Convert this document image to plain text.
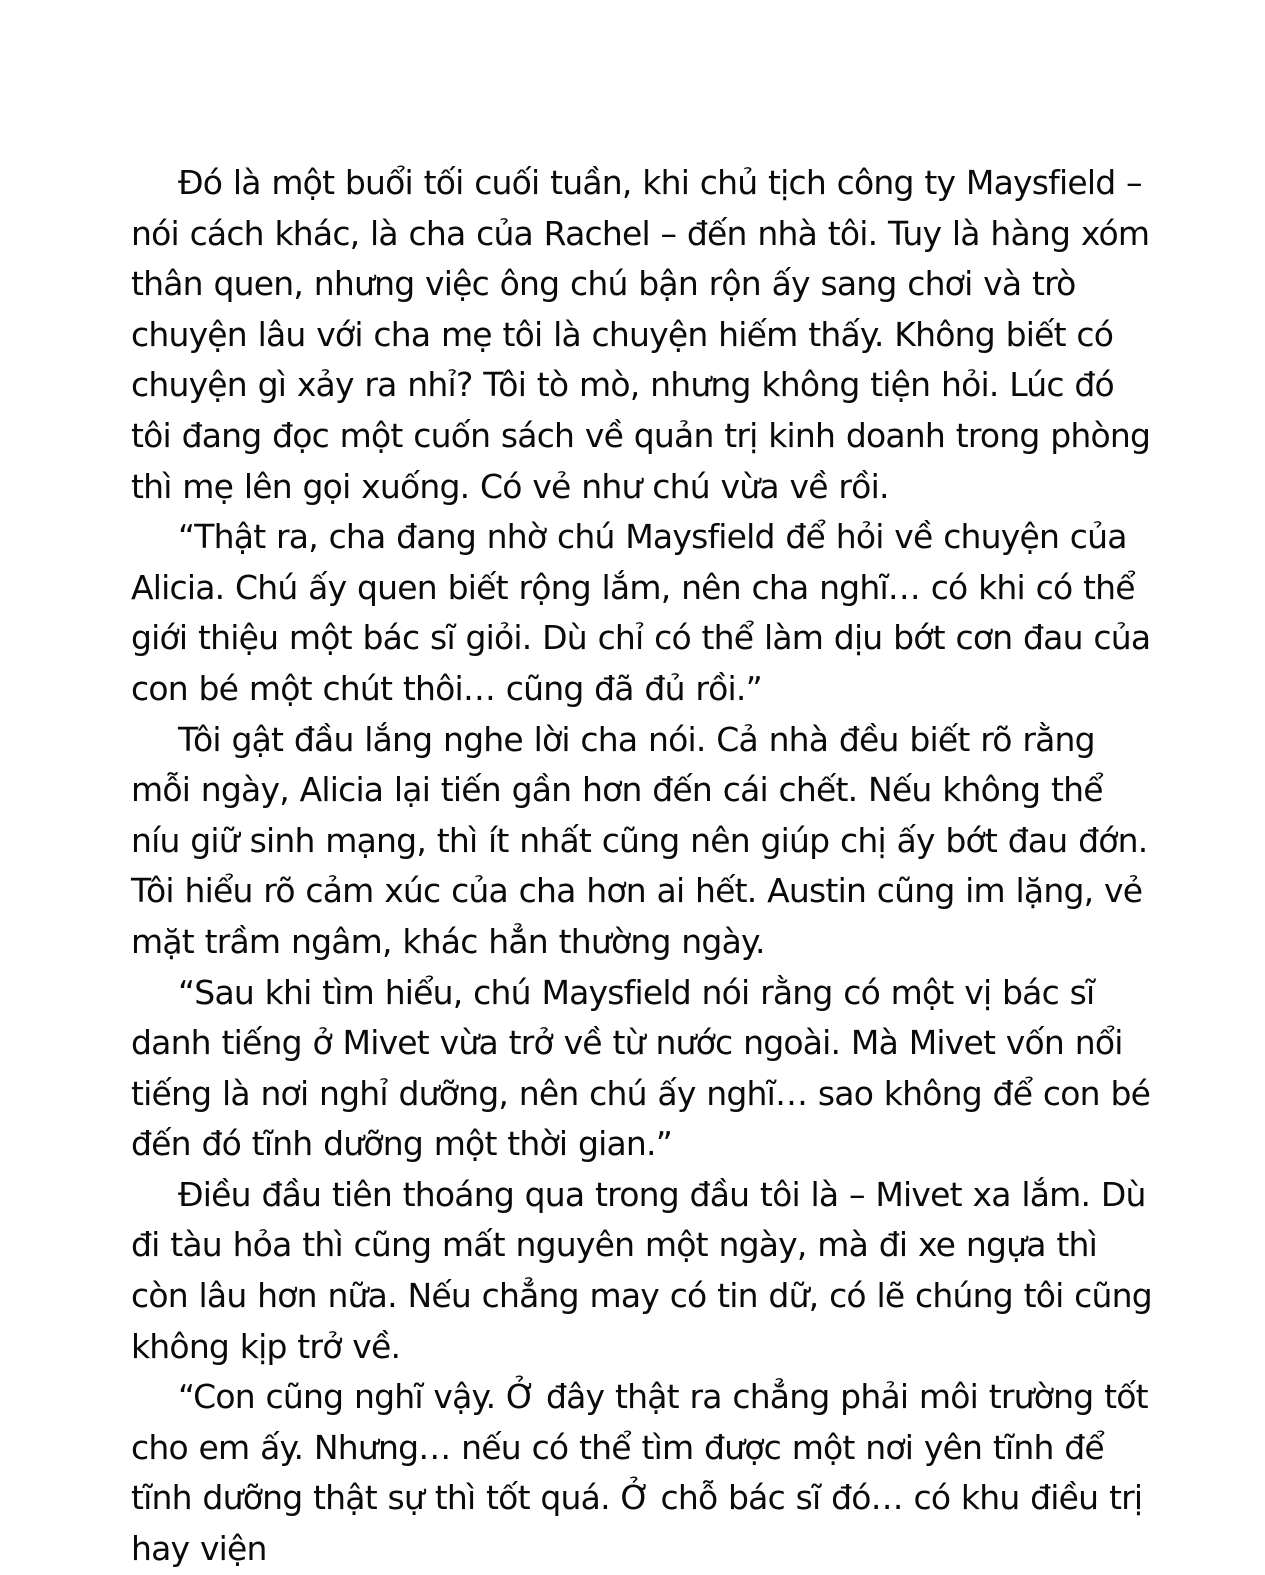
Đó là một buổi tối cuối tuần, khi chủ tịch công ty Maysfield – nói cách khác, là cha của Rachel – đến nhà tôi. Tuy là hàng xóm thân quen, nhưng việc ông chú bận rộn ấy sang chơi và trò chuyện lâu với cha mẹ tôi là chuyện hiếm thấy. Không biết có chuyện gì xảy ra nhỉ? Tôi tò mò, nhưng không tiện hỏi. Lúc đó tôi đang đọc một cuốn sách về quản trị kinh doanh trong phòng thì mẹ lên gọi xuống. Có vẻ như chú vừa về rồi.

“Thật ra, cha đang nhờ chú Maysfield để hỏi về chuyện của Alicia. Chú ấy quen biết rộng lắm, nên cha nghĩ… có khi có thể giới thiệu một bác sĩ giỏi. Dù chỉ có thể làm dịu bớt cơn đau của con bé một chút thôi… cũng đã đủ rồi.”

Tôi gật đầu lắng nghe lời cha nói. Cả nhà đều biết rõ rằng mỗi ngày, Alicia lại tiến gần hơn đến cái chết. Nếu không thể níu giữ sinh mạng, thì ít nhất cũng nên giúp chị ấy bớt đau đớn. Tôi hiểu rõ cảm xúc của cha hơn ai hết. Austin cũng im lặng, vẻ mặt trầm ngâm, khác hẳn thường ngày.

“Sau khi tìm hiểu, chú Maysfield nói rằng có một vị bác sĩ danh tiếng ở Mivet vừa trở về từ nước ngoài. Mà Mivet vốn nổi tiếng là nơi nghỉ dưỡng, nên chú ấy nghĩ… sao không để con bé đến đó tĩnh dưỡng một thời gian.”

Điều đầu tiên thoáng qua trong đầu tôi là – Mivet xa lắm. Dù đi tàu hỏa thì cũng mất nguyên một ngày, mà đi xe ngựa thì còn lâu hơn nữa. Nếu chẳng may có tin dữ, có lẽ chúng tôi cũng không kịp trở về.

“Con cũng nghĩ vậy. Ở đây thật ra chẳng phải môi trường tốt cho em ấy. Nhưng… nếu có thể tìm được một nơi yên tĩnh để tĩnh dưỡng thật sự thì tốt quá. Ở chỗ bác sĩ đó… có khu điều trị hay viện
